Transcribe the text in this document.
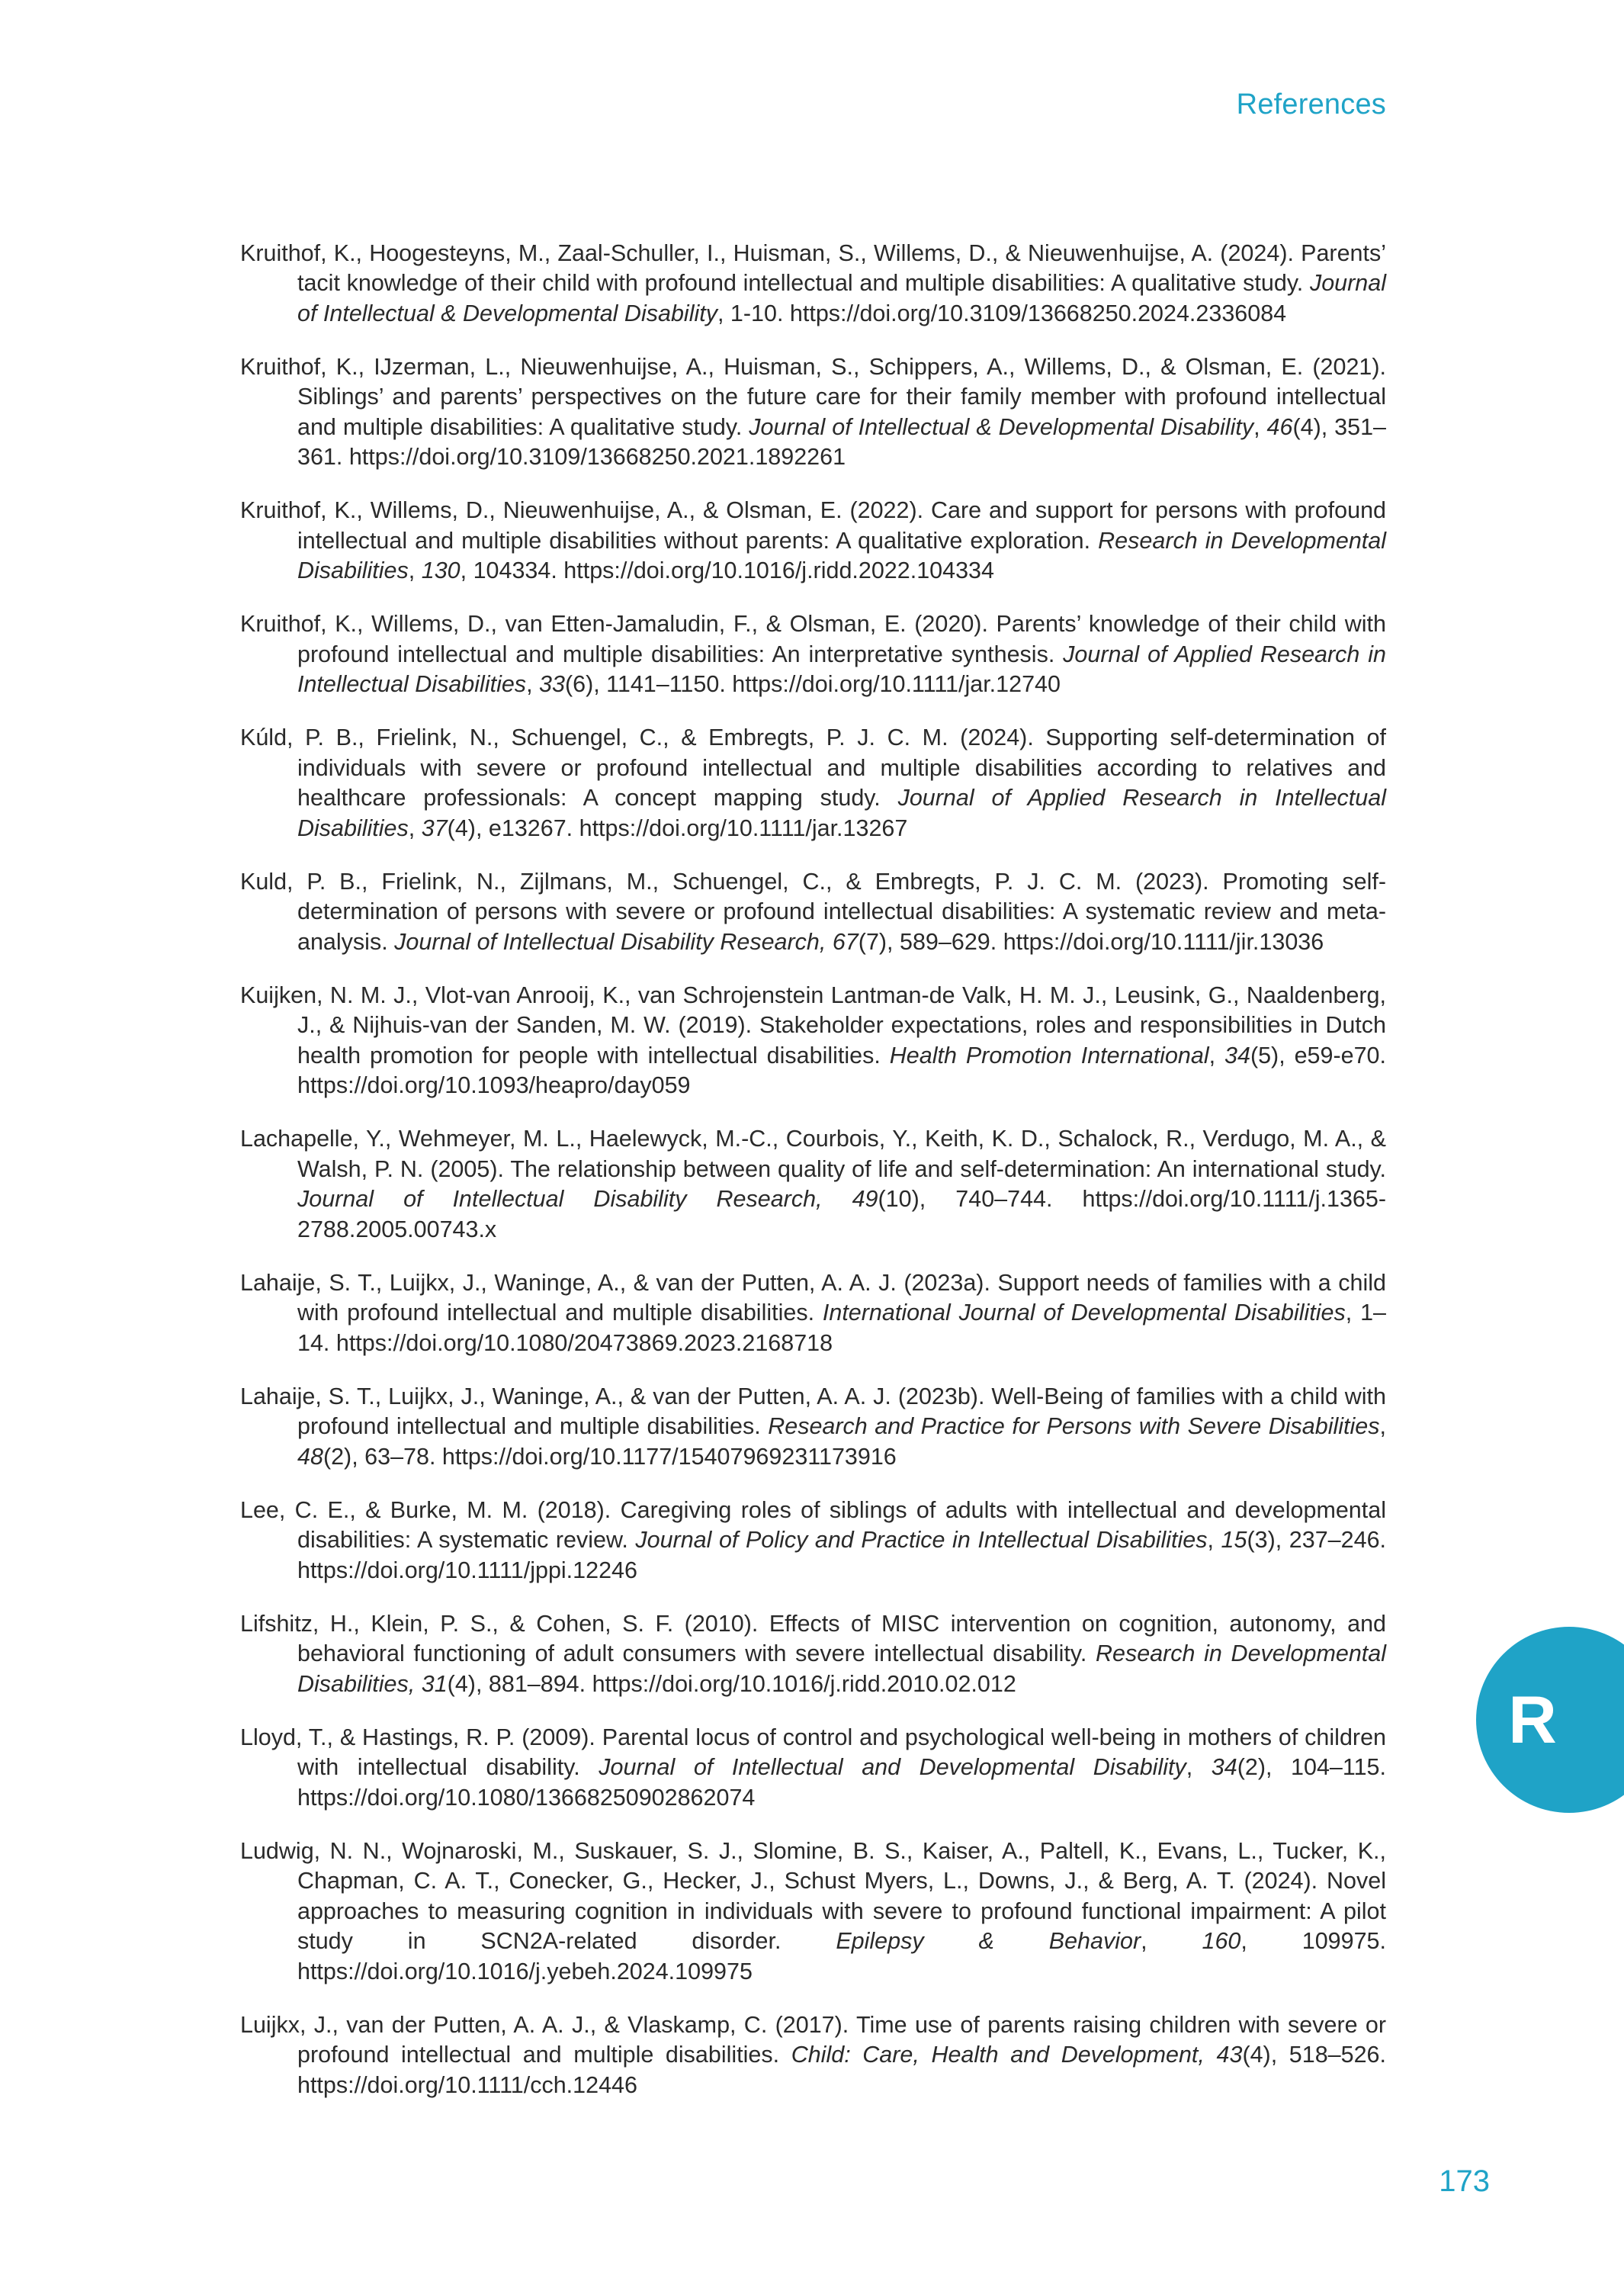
References

Kruithof, K., Hoogesteyns, M., Zaal-Schuller, I., Huisman, S., Willems, D., & Nieuwenhuijse, A. (2024). Parents’ tacit knowledge of their child with profound intellectual and multiple disabilities: A qualitative study. Journal of Intellectual & Developmental Disability, 1-10. https://doi.org/10.3109/13668250.2024.2336084

Kruithof, K., IJzerman, L., Nieuwenhuijse, A., Huisman, S., Schippers, A., Willems, D., & Olsman, E. (2021). Siblings’ and parents’ perspectives on the future care for their family member with profound intellectual and multiple disabilities: A qualitative study. Journal of Intellectual & Developmental Disability, 46(4), 351–361. https://doi.org/10.3109/13668250.2021.1892261

Kruithof, K., Willems, D., Nieuwenhuijse, A., & Olsman, E. (2022). Care and support for persons with profound intellectual and multiple disabilities without parents: A qualitative exploration. Research in Developmental Disabilities, 130, 104334. https://doi.org/10.1016/j.ridd.2022.104334

Kruithof, K., Willems, D., van Etten-Jamaludin, F., & Olsman, E. (2020). Parents’ knowledge of their child with profound intellectual and multiple disabilities: An interpretative synthesis. Journal of Applied Research in Intellectual Disabilities, 33(6), 1141–1150. https://doi.org/10.1111/jar.12740

Kúld, P. B., Frielink, N., Schuengel, C., & Embregts, P. J. C. M. (2024). Supporting self-determination of individuals with severe or profound intellectual and multiple disabilities according to relatives and healthcare professionals: A concept mapping study. Journal of Applied Research in Intellectual Disabilities, 37(4), e13267. https://doi.org/10.1111/jar.13267

Kuld, P. B., Frielink, N., Zijlmans, M., Schuengel, C., & Embregts, P. J. C. M. (2023). Promoting self-determination of persons with severe or profound intellectual disabilities: A systematic review and meta-analysis. Journal of Intellectual Disability Research, 67(7), 589–629. https://doi.org/10.1111/jir.13036

Kuijken, N. M. J., Vlot-van Anrooij, K., van Schrojenstein Lantman-de Valk, H. M. J., Leusink, G., Naaldenberg, J., & Nijhuis-van der Sanden, M. W. (2019). Stakeholder expectations, roles and responsibilities in Dutch health promotion for people with intellectual disabilities. Health Promotion International, 34(5), e59-e70. https://doi.org/10.1093/heapro/day059

Lachapelle, Y., Wehmeyer, M. L., Haelewyck, M.-C., Courbois, Y., Keith, K. D., Schalock, R., Verdugo, M. A., & Walsh, P. N. (2005). The relationship between quality of life and self-determination: An international study. Journal of Intellectual Disability Research, 49(10), 740–744. https://doi.org/10.1111/j.1365-2788.2005.00743.x

Lahaije, S. T., Luijkx, J., Waninge, A., & van der Putten, A. A. J. (2023a). Support needs of families with a child with profound intellectual and multiple disabilities. International Journal of Developmental Disabilities, 1–14. https://doi.org/10.1080/20473869.2023.2168718

Lahaije, S. T., Luijkx, J., Waninge, A., & van der Putten, A. A. J. (2023b). Well-Being of families with a child with profound intellectual and multiple disabilities. Research and Practice for Persons with Severe Disabilities, 48(2), 63–78. https://doi.org/10.1177/15407969231173916

Lee, C. E., & Burke, M. M. (2018). Caregiving roles of siblings of adults with intellectual and developmental disabilities: A systematic review. Journal of Policy and Practice in Intellectual Disabilities, 15(3), 237–246. https://doi.org/10.1111/jppi.12246

Lifshitz, H., Klein, P. S., & Cohen, S. F. (2010). Effects of MISC intervention on cognition, autonomy, and behavioral functioning of adult consumers with severe intellectual disability. Research in Developmental Disabilities, 31(4), 881–894. https://doi.org/10.1016/j.ridd.2010.02.012

Lloyd, T., & Hastings, R. P. (2009). Parental locus of control and psychological well-being in mothers of children with intellectual disability. Journal of Intellectual and Developmental Disability, 34(2), 104–115. https://doi.org/10.1080/13668250902862074

Ludwig, N. N., Wojnaroski, M., Suskauer, S. J., Slomine, B. S., Kaiser, A., Paltell, K., Evans, L., Tucker, K., Chapman, C. A. T., Conecker, G., Hecker, J., Schust Myers, L., Downs, J., & Berg, A. T. (2024). Novel approaches to measuring cognition in individuals with severe to profound functional impairment: A pilot study in SCN2A-related disorder. Epilepsy & Behavior, 160, 109975. https://doi.org/10.1016/j.yebeh.2024.109975

Luijkx, J., van der Putten, A. A. J., & Vlaskamp, C. (2017). Time use of parents raising children with severe or profound intellectual and multiple disabilities. Child: Care, Health and Development, 43(4), 518–526. https://doi.org/10.1111/cch.12446

R
173
